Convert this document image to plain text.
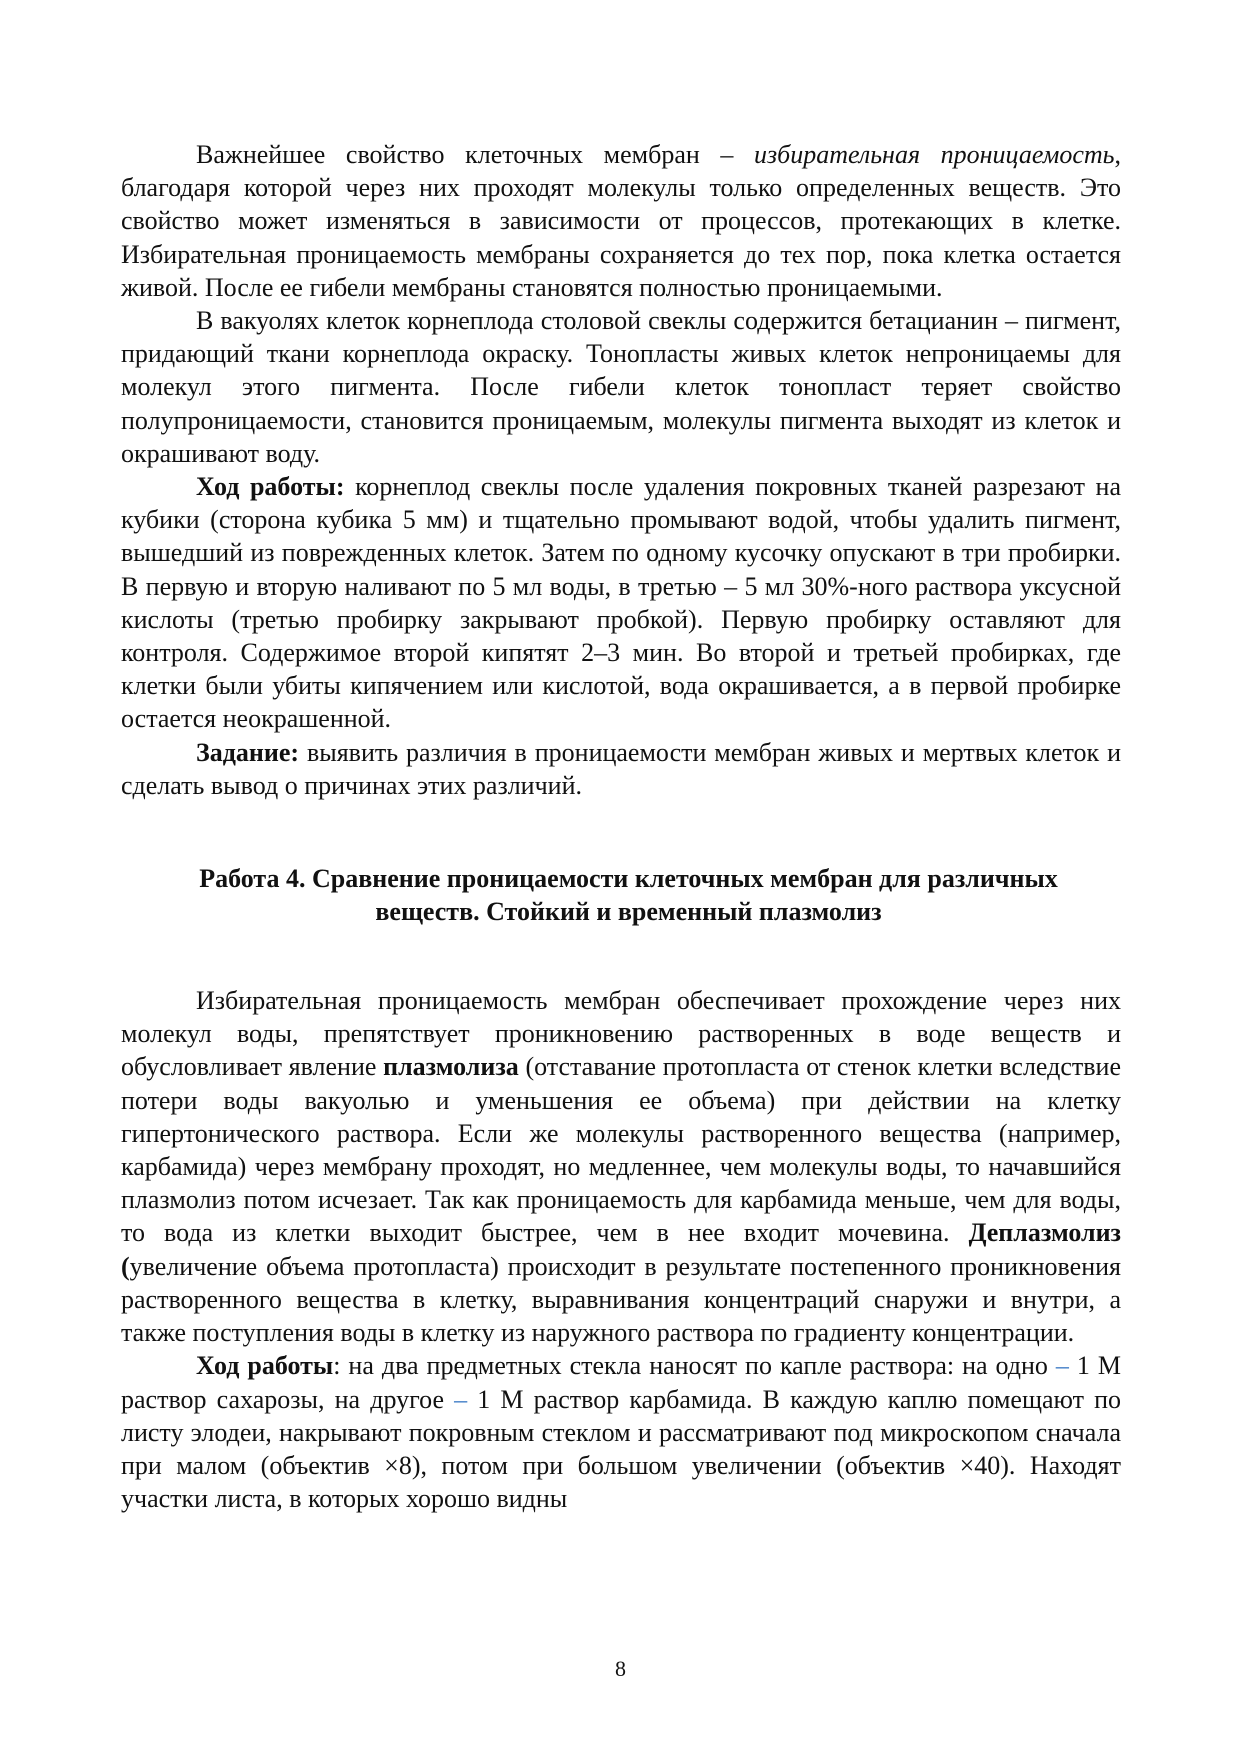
Важнейшее свойство клеточных мембран – избирательная проницаемость, благодаря которой через них проходят молекулы только определенных веществ. Это свойство может изменяться в зависимости от процессов, протекающих в клетке. Избирательная проницаемость мембраны сохраняется до тех пор, пока клетка остается живой. После ее гибели мембраны становятся полностью проницаемыми.

В вакуолях клеток корнеплода столовой свеклы содержится бетацианин – пигмент, придающий ткани корнеплода окраску. Тонопласты живых клеток непроницаемы для молекул этого пигмента. После гибели клеток тонопласт теряет свойство полупроницаемости, становится проницаемым, молекулы пигмента выходят из клеток и окрашивают воду.

Ход работы: корнеплод свеклы после удаления покровных тканей разрезают на кубики (сторона кубика 5 мм) и тщательно промывают водой, чтобы удалить пигмент, вышедший из поврежденных клеток. Затем по одному кусочку опускают в три пробирки. В первую и вторую наливают по 5 мл воды, в третью – 5 мл 30%-ного раствора уксусной кислоты (третью пробирку закрывают пробкой). Первую пробирку оставляют для контроля. Содержимое второй кипятят 2–3 мин. Во второй и третьей пробирках, где клетки были убиты кипячением или кислотой, вода окрашивается, а в первой пробирке остается неокрашенной.

Задание: выявить различия в проницаемости мембран живых и мертвых клеток и сделать вывод о причинах этих различий.

Работа 4. Сравнение проницаемости клеточных мембран для различных веществ. Стойкий и временный плазмолиз

Избирательная проницаемость мембран обеспечивает прохождение через них молекул воды, препятствует проникновению растворенных в воде веществ и обусловливает явление плазмолиза (отставание протопласта от стенок клетки вследствие потери воды вакуолью и уменьшения ее объема) при действии на клетку гипертонического раствора. Если же молекулы растворенного вещества (например, карбамида) через мембрану проходят, но медленнее, чем молекулы воды, то начавшийся плазмолиз потом исчезает. Так как проницаемость для карбамида меньше, чем для воды, то вода из клетки выходит быстрее, чем в нее входит мочевина. Деплазмолиз (увеличение объема протопласта) происходит в результате постепенного проникновения растворенного вещества в клетку, выравнивания концентраций снаружи и внутри, а также поступления воды в клетку из наружного раствора по градиенту концентрации.

Ход работы: на два предметных стекла наносят по капле раствора: на одно – 1 М раствор сахарозы, на другое – 1 М раствор карбамида. В каждую каплю помещают по листу элодеи, накрывают покровным стеклом и рассматривают под микроскопом сначала при малом (объектив ×8), потом при большом увеличении (объектив ×40). Находят участки листа, в которых хорошо видны

8
